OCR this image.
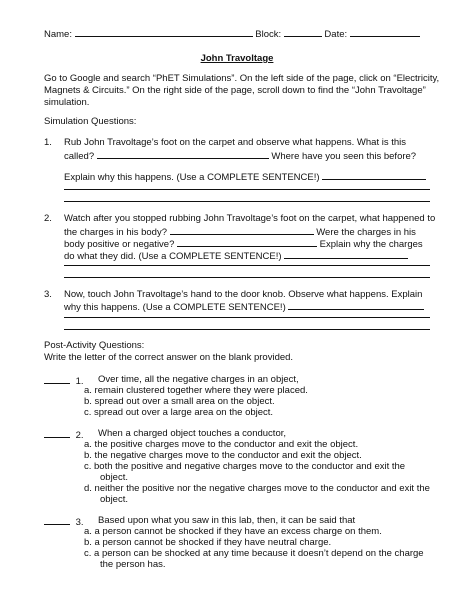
Name:	Block:	Date:
John Travoltage
Go to Google and search “PhET Simulations”. On the left side of the page, click on “Electricity,
Magnets & Circuits.” On the right side of the page, scroll down to find the “John Travoltage”
simulation.
Simulation Questions:
1. Rub John Travoltage’s foot on the carpet and observe what happens. What is this
called?	Where have you seen this before?
Explain why this happens. (Use a COMPLETE SENTENCE!)
2. Watch after you stopped rubbing John Travoltage’s foot on the carpet, what happened to
the charges in his body?	Were the charges in his
body positive or negative?	Explain why the charges
do what they did. (Use a COMPLETE SENTENCE!)
3. Now, touch John Travoltage’s hand to the door knob. Observe what happens. Explain
why this happens. (Use a COMPLETE SENTENCE!)
Post-Activity Questions:
Write the letter of the correct answer on the blank provided.
1. Over time, all the negative charges in an object,
a. remain clustered together where they were placed.
b. spread out over a small area on the object.
c. spread out over a large area on the object.
2. When a charged object touches a conductor,
a. the positive charges move to the conductor and exit the object.
b. the negative charges move to the conductor and exit the object.
c. both the positive and negative charges move to the conductor and exit the
object.
d. neither the positive nor the negative charges move to the conductor and exit the
object.
3. Based upon what you saw in this lab, then, it can be said that
a. a person cannot be shocked if they have an excess charge on them.
b. a person cannot be shocked if they have neutral charge.
c. a person can be shocked at any time because it doesn’t depend on the charge
the person has.
